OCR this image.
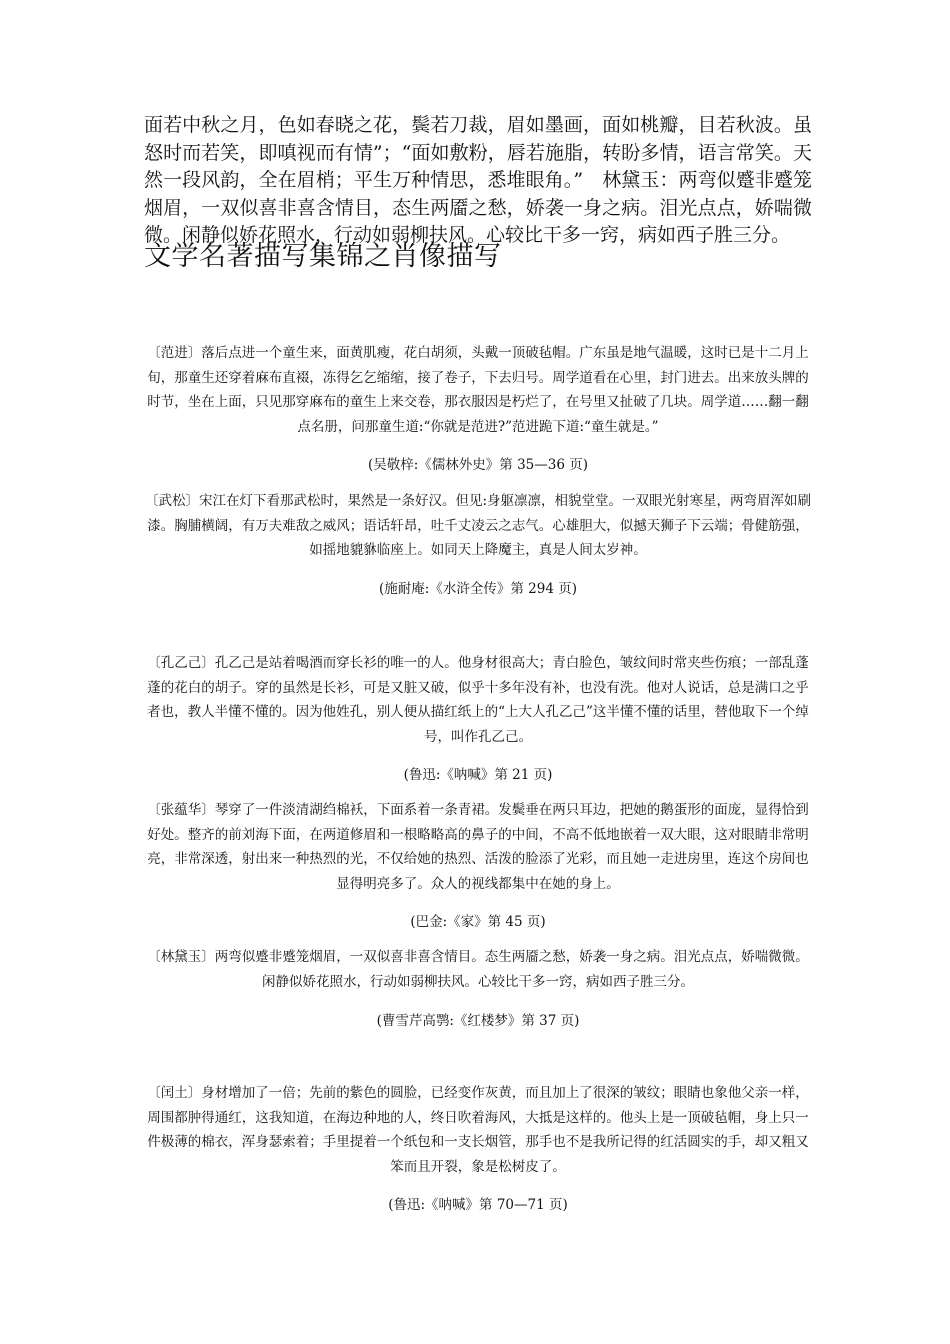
面若中秋之月，色如春晓之花，鬓若刀裁，眉如墨画，面如桃瓣，目若秋波。虽怒时而若笑，即嗔视而有情”；“面如敷粉，唇若施脂，转盼多情，语言常笑。天然一段风韵，全在眉梢；平生万种情思，悉堆眼角。”　林黛玉：两弯似蹙非蹙笼烟眉，一双似喜非喜含情目，态生两靥之愁，娇袭一身之病。泪光点点，娇喘微微。闲静似娇花照水，行动如弱柳扶风。心较比干多一窍，病如西子胜三分。

文学名著描写集锦之肖像描写

〔范进〕落后点进一个童生来，面黄肌瘦，花白胡须，头戴一顶破毡帽。广东虽是地气温暖，这时已是十二月上旬，那童生还穿着麻布直裰，冻得乞乞缩缩，接了卷子，下去归号。周学道看在心里，封门进去。出来放头牌的时节，坐在上面，只见那穿麻布的童生上来交卷，那衣服因是朽烂了，在号里又扯破了几块。周学道……翻一翻点名册，问那童生道:“你就是范进?”范进跪下道:“童生就是。”

(吴敬梓:《儒林外史》第 35—36 页)

〔武松〕宋江在灯下看那武松时，果然是一条好汉。但见:身躯凛凛，相貌堂堂。一双眼光射寒星，两弯眉浑如刷漆。胸脯横阔，有万夫难敌之威风；语话轩昂，吐千丈凌云之志气。心雄胆大，似撼天狮子下云端；骨健筋强，如摇地貔貅临座上。如同天上降魔主，真是人间太岁神。

(施耐庵:《水浒全传》第 294 页)

〔孔乙己〕孔乙己是站着喝酒而穿长衫的唯一的人。他身材很高大；青白脸色，皱纹间时常夹些伤痕；一部乱蓬蓬的花白的胡子。穿的虽然是长衫，可是又脏又破，似乎十多年没有补，也没有洗。他对人说话，总是满口之乎者也，教人半懂不懂的。因为他姓孔，别人便从描红纸上的“上大人孔乙己”这半懂不懂的话里，替他取下一个绰号，叫作孔乙己。

(鲁迅:《呐喊》第 21 页)

〔张蕴华〕琴穿了一件淡清湖绉棉袄，下面系着一条青裙。发鬓垂在两只耳边，把她的鹅蛋形的面庞，显得恰到好处。整齐的前刘海下面，在两道修眉和一根略略高的鼻子的中间，不高不低地嵌着一双大眼，这对眼睛非常明亮，非常深透，射出来一种热烈的光，不仅给她的热烈、活泼的脸添了光彩，而且她一走进房里，连这个房间也显得明亮多了。众人的视线都集中在她的身上。

(巴金:《家》第 45 页)

〔林黛玉〕两弯似蹙非蹙笼烟眉，一双似喜非喜含情目。态生两靥之愁，娇袭一身之病。泪光点点，娇喘微微。闲静似娇花照水，行动如弱柳扶风。心较比干多一窍，病如西子胜三分。

(曹雪芹高鹗:《红楼梦》第 37 页)

〔闰土〕身材增加了一倍；先前的紫色的圆脸，已经变作灰黄，而且加上了很深的皱纹；眼睛也象他父亲一样，周围都肿得通红，这我知道，在海边种地的人，终日吹着海风，大抵是这样的。他头上是一顶破毡帽，身上只一件极薄的棉衣，浑身瑟索着；手里提着一个纸包和一支长烟管，那手也不是我所记得的红活圆实的手，却又粗又笨而且开裂，象是松树皮了。

(鲁迅:《呐喊》第 70—71 页)
